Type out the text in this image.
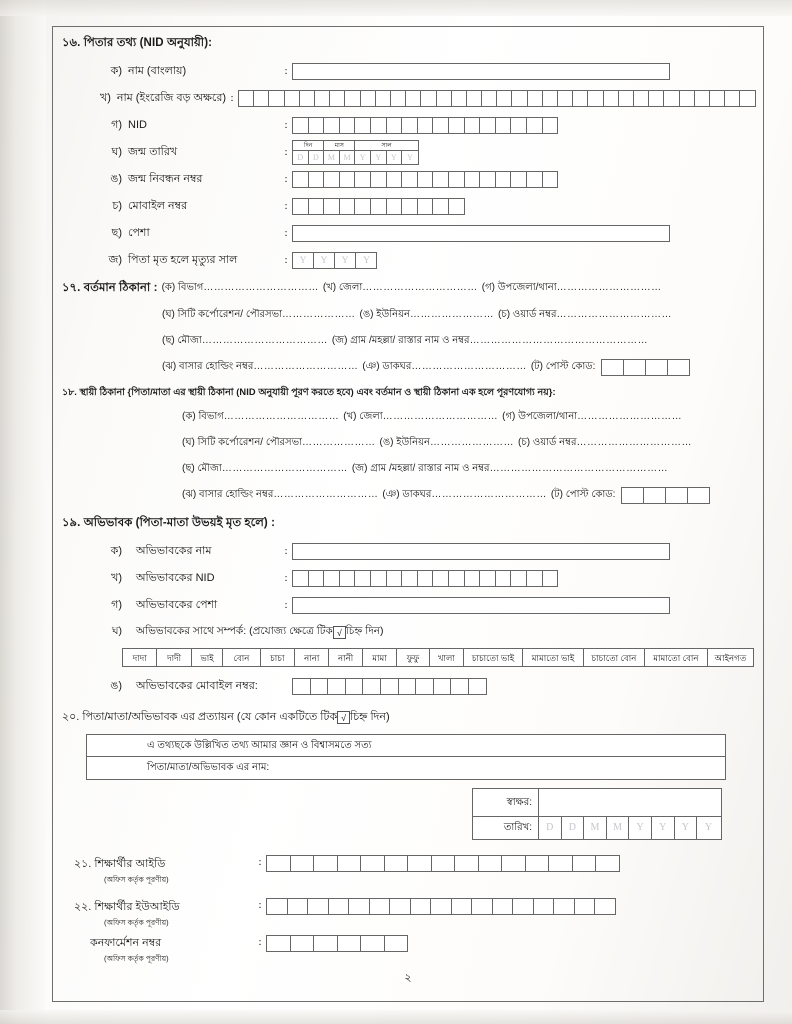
১৬. পিতার তথ্য (NID অনুযায়ী):
ক) নাম (বাংলায়)	:
খ) নাম (ইংরেজি বড় অক্ষরে) :
গ) NID	:
ঘ) জন্ম তারিখ	:
দিন	মাস	সাল
D	D	M	M	Y	Y	Y	Y
ঙ) জন্ম নিবন্ধন নম্বর	:
চ) মোবাইল নম্বর	:
ছ) পেশা	:
জ) পিতা মৃত হলে মৃত্যুর সাল	:	Y	Y	Y	Y
১৭. বর্তমান ঠিকানা : (ক) বিভাগ…………………………… (খ) জেলা…………………………… (গ) উপজেলা/থানা…………………………
(ঘ) সিটি কর্পোরেশন/ পৌরসভা………………… (ঙ) ইউনিয়ন…………………… (চ) ওয়ার্ড নম্বর……………………………
(ছ) মৌজা……………………………… (জ) গ্রাম /মহল্লা/ রাস্তার নাম ও নম্বর……………………………………………
(ঝ) বাসার হোল্ডিং নম্বর………………………… (ঞ) ডাকঘর…………………………… (ট) পোস্ট কোড:
১৮. স্থায়ী ঠিকানা {পিতা/মাতা এর স্থায়ী ঠিকানা (NID অনুযায়ী পূরণ করতে হবে) এবং বর্তমান ও স্থায়ী ঠিকানা এক হলে পূরণযোগ্য নয়}:
(ক) বিভাগ…………………………… (খ) জেলা…………………………… (গ) উপজেলা/থানা…………………………
(ঘ) সিটি কর্পোরেশন/ পৌরসভা………………… (ঙ) ইউনিয়ন…………………… (চ) ওয়ার্ড নম্বর……………………………
(ছ) মৌজা……………………………… (জ) গ্রাম /মহল্লা/ রাস্তার নাম ও নম্বর……………………………………………
(ঝ) বাসার হোল্ডিং নম্বর………………………… (ঞ) ডাকঘর…………………………… (ট) পোস্ট কোড:
১৯. অভিভাবক (পিতা-মাতা উভয়ই মৃত হলে) :
ক) অভিভাবকের নাম	:
খ) অভিভাবকের NID	:
গ) অভিভাবকের পেশা	:
ঘ) অভিভাবকের সাথে সম্পর্ক: (প্রযোজ্য ক্ষেত্রে টিক √ চিহ্ন দিন)
দাদা	দাদী	ভাই	বোন	চাচা	নানা	নানী	মামা	ফুফু	খালা	চাচাতো ভাই	মামাতো ভাই	চাচাতো বোন	মামাতো বোন	আইনগত
ঙ) অভিভাবকের মোবাইল নম্বর:
২০. পিতা/মাতা/অভিভাবক এর প্রত্যায়ন (যে কোন একটিতে টিক √ চিহ্ন দিন)
এ তথ্যছকে উল্লিখিত তথ্য আমার জ্ঞান ও বিশ্বাসমতে সত্য
পিতা/মাতা/অভিভাবক এর নাম:
স্বাক্ষর:
তারিখ:	D	D	M	M	Y	Y	Y	Y
২১. শিক্ষার্থীর আইডি
(অফিস কর্তৃক পূরণীয়)
:
২২. শিক্ষার্থীর ইউআইডি
(অফিস কর্তৃক পূরণীয়)
:
কনফার্মেশন নম্বর
(অফিস কর্তৃক পূরণীয়)
:
২
